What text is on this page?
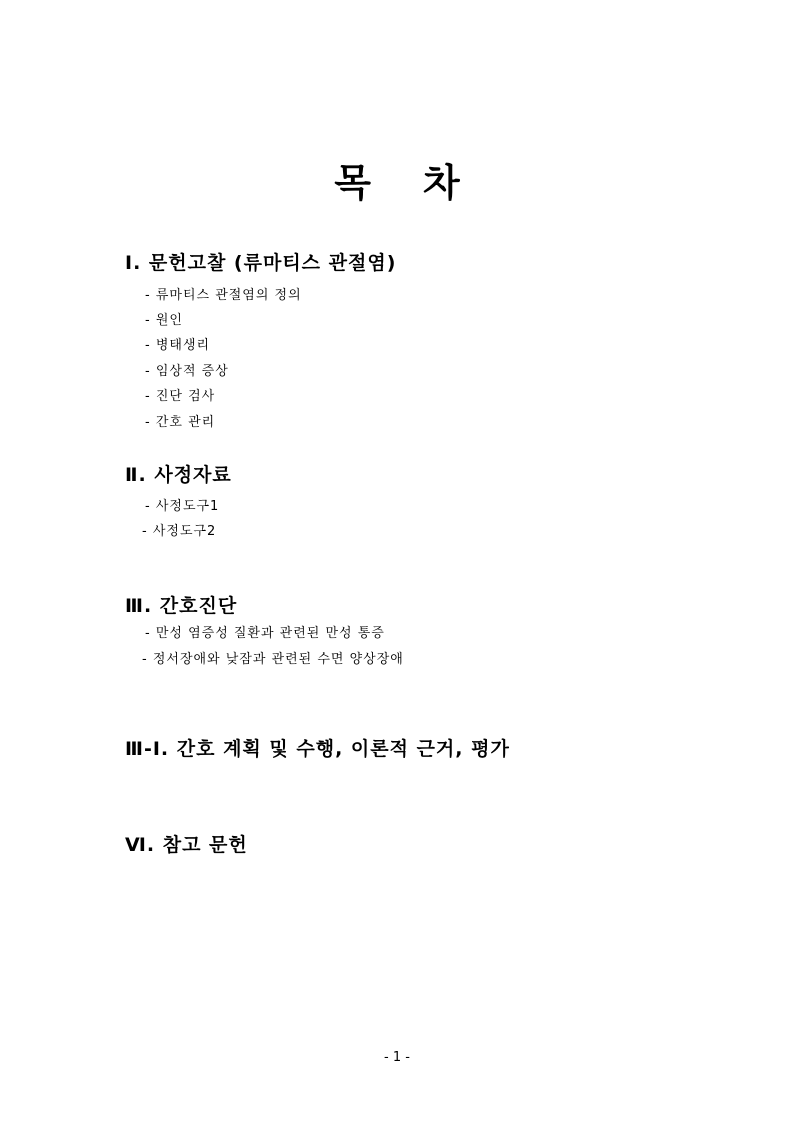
목 차
Ⅰ. 문헌고찰 (류마티스 관절염)
- 류마티스 관절염의 정의
- 원인
- 병태생리
- 임상적 증상
- 진단 검사
- 간호 관리
Ⅱ. 사정자료
- 사정도구1
- 사정도구2
Ⅲ. 간호진단
- 만성 염증성 질환과 관련된 만성 통증
- 정서장애와 낮잠과 관련된 수면 양상장애
Ⅲ-Ⅰ. 간호 계획 및 수행, 이론적 근거, 평가
Ⅵ. 참고 문헌
- 1 -
